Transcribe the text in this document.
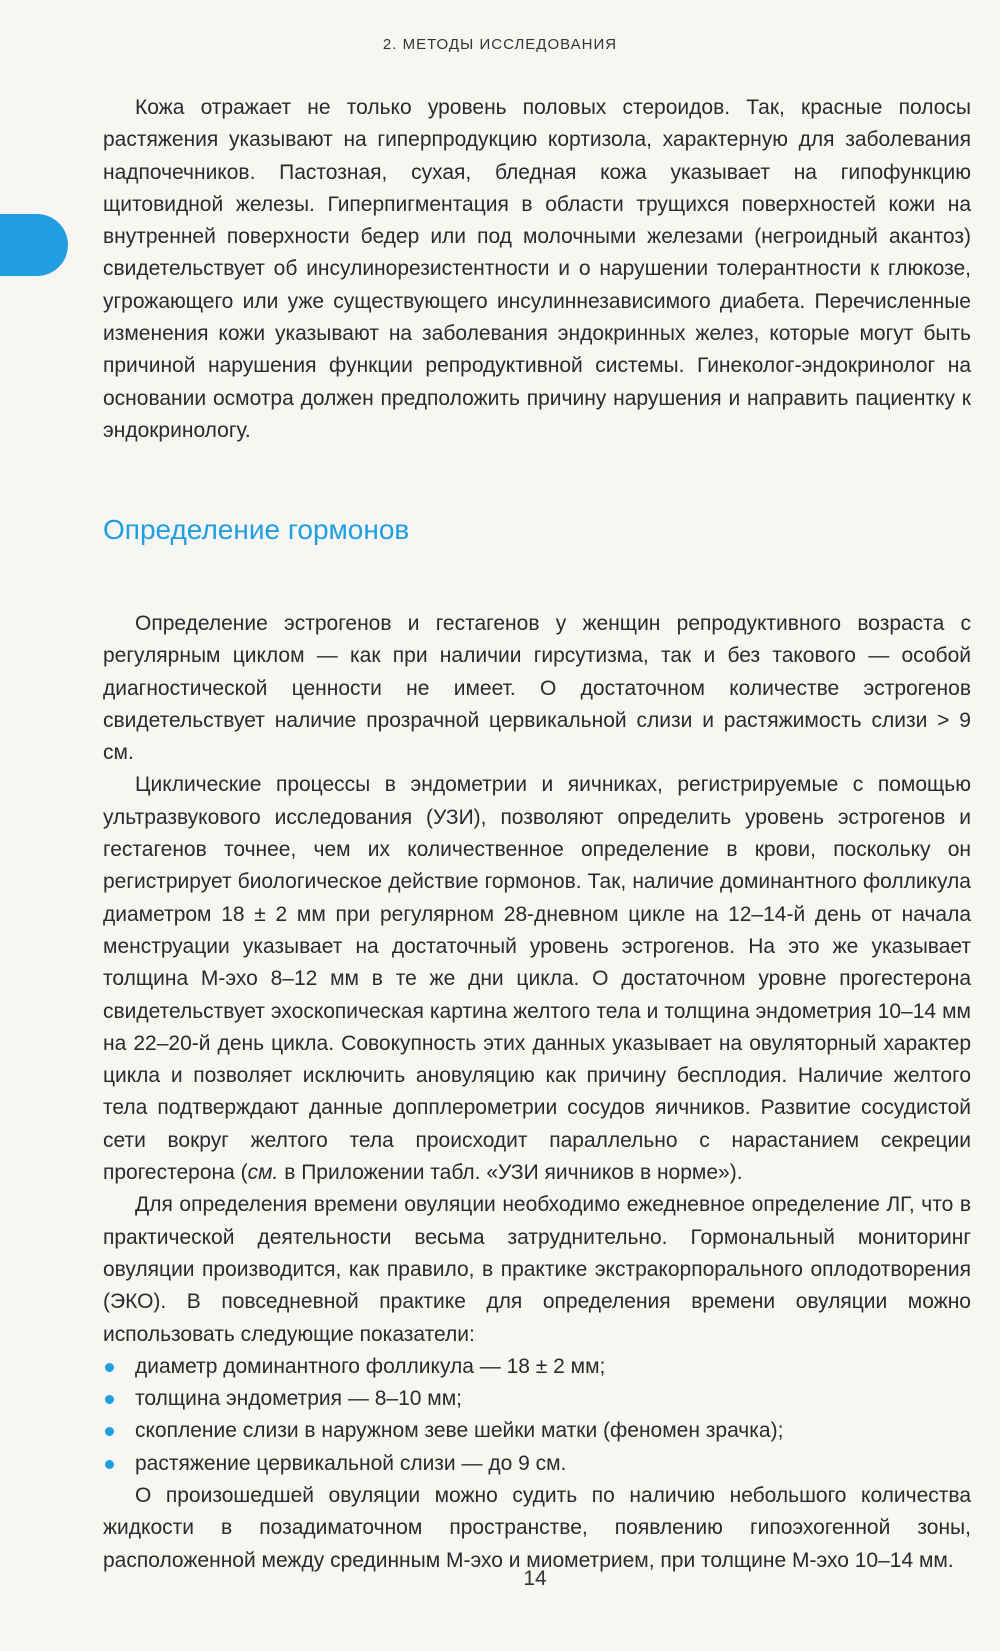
2. МЕТОДЫ ИССЛЕДОВАНИЯ

Кожа отражает не только уровень половых стероидов. Так, красные полосы растяжения указывают на гиперпродукцию кортизола, характерную для заболевания надпочечников. Пастозная, сухая, бледная кожа указывает на гипофункцию щитовидной железы. Гиперпигментация в области трущихся поверхностей кожи на внутренней поверхности бедер или под молочными железами (негроидный акантоз) свидетельствует об инсулинорезистентности и о нарушении толерантности к глюкозе, угрожающего или уже существующего инсулиннезависимого диабета. Перечисленные изменения кожи указывают на заболевания эндокринных желез, которые могут быть причиной нарушения функции репродуктивной системы. Гинеколог-эндокринолог на основании осмотра должен предположить причину нарушения и направить пациентку к эндокринологу.

Определение гормонов

Определение эстрогенов и гестагенов у женщин репродуктивного возраста с регулярным циклом — как при наличии гирсутизма, так и без такового — особой диагностической ценности не имеет. О достаточном количестве эстрогенов свидетельствует наличие прозрачной цервикальной слизи и растяжимость слизи > 9 см.

Циклические процессы в эндометрии и яичниках, регистрируемые с помощью ультразвукового исследования (УЗИ), позволяют определить уровень эстрогенов и гестагенов точнее, чем их количественное определение в крови, поскольку он регистрирует биологическое действие гормонов. Так, наличие доминантного фолликула диаметром 18 ± 2 мм при регулярном 28-дневном цикле на 12–14-й день от начала менструации указывает на достаточный уровень эстрогенов. На это же указывает толщина М-эхо 8–12 мм в те же дни цикла. О достаточном уровне прогестерона свидетельствует эхоскопическая картина желтого тела и толщина эндометрия 10–14 мм на 22–20-й день цикла. Совокупность этих данных указывает на овуляторный характер цикла и позволяет исключить ановуляцию как причину бесплодия. Наличие желтого тела подтверждают данные допплерометрии сосудов яичников. Развитие сосудистой сети вокруг желтого тела происходит параллельно с нарастанием секреции прогестерона (см. в Приложении табл. «УЗИ яичников в норме»).

Для определения времени овуляции необходимо ежедневное определение ЛГ, что в практической деятельности весьма затруднительно. Гормональный мониторинг овуляции производится, как правило, в практике экстракорпорального оплодотворения (ЭКО). В повседневной практике для определения времени овуляции можно использовать следующие показатели:

диаметр доминантного фолликула — 18 ± 2 мм;
толщина эндометрия — 8–10 мм;
скопление слизи в наружном зеве шейки матки (феномен зрачка);
растяжение цервикальной слизи — до 9 см.

О произошедшей овуляции можно судить по наличию небольшого количества жидкости в позадиматочном пространстве, появлению гипоэхогенной зоны, расположенной между срединным М-эхо и миометрием, при толщине М-эхо 10–14 мм.

14
